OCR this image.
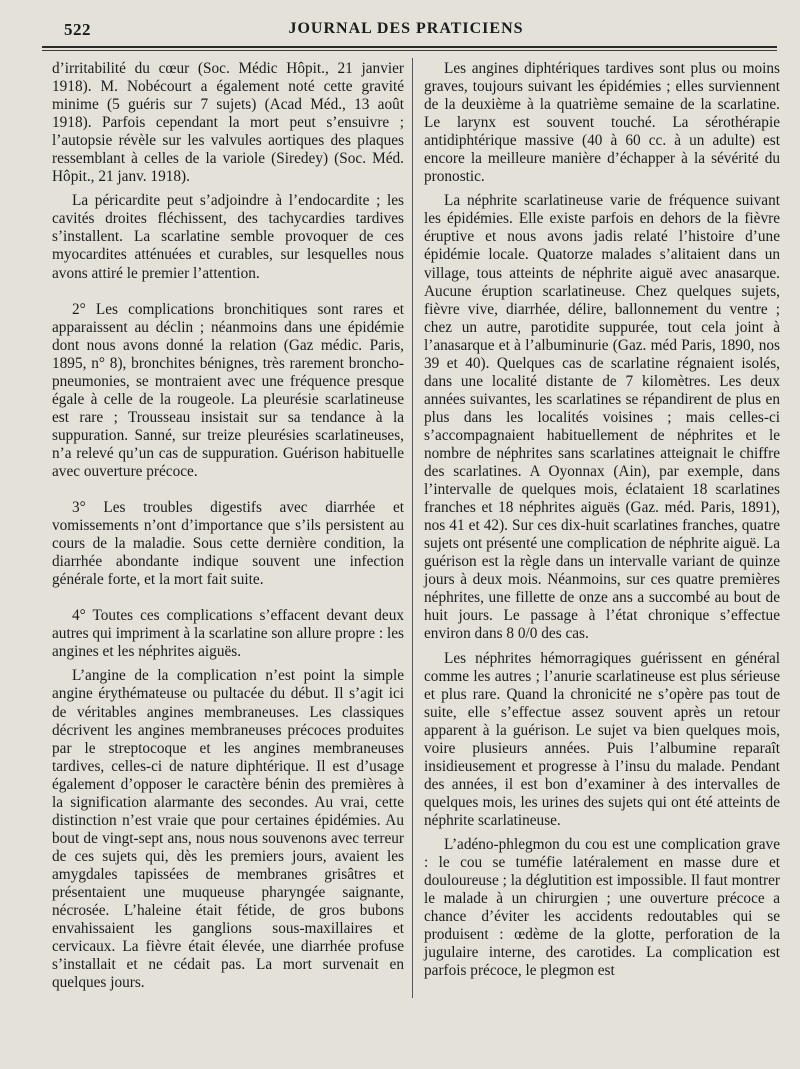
522	JOURNAL DES PRATICIENS

d’irritabilité du cœur (Soc. Médic Hôpit., 21 janvier 1918). M. Nobécourt a également noté cette gravité minime (5 guéris sur 7 sujets) (Acad Méd., 13 août 1918). Parfois cependant la mort peut s’ensuivre ; l’autopsie révèle sur les valvules aortiques des plaques ressemblant à celles de la variole (Siredey) (Soc. Méd. Hôpit., 21 janv. 1918).

La péricardite peut s’adjoindre à l’endocardite ; les cavités droites fléchissent, des tachycardies tardives s’installent. La scarlatine semble provoquer de ces myocardites atténuées et curables, sur lesquelles nous avons attiré le premier l’attention.

2° Les complications bronchitiques sont rares et apparaissent au déclin ; néanmoins dans une épidémie dont nous avons donné la relation (Gaz médic. Paris, 1895, n° 8), bronchites bénignes, très rarement broncho-pneumonies, se montraient avec une fréquence presque égale à celle de la rougeole. La pleurésie scarlatineuse est rare ; Trousseau insistait sur sa tendance à la suppuration. Sanné, sur treize pleurésies scarlatineuses, n’a relevé qu’un cas de suppuration. Guérison habituelle avec ouverture précoce.

3° Les troubles digestifs avec diarrhée et vomissements n’ont d’importance que s’ils persistent au cours de la maladie. Sous cette dernière condition, la diarrhée abondante indique souvent une infection générale forte, et la mort fait suite.

4° Toutes ces complications s’effacent devant deux autres qui impriment à la scarlatine son allure propre : les angines et les néphrites aiguës.

L’angine de la complication n’est point la simple angine érythémateuse ou pultacée du début. Il s’agit ici de véritables angines membraneuses. Les classiques décrivent les angines membraneuses précoces produites par le streptocoque et les angines membraneuses tardives, celles-ci de nature diphtérique. Il est d’usage également d’opposer le caractère bénin des premières à la signification alarmante des secondes. Au vrai, cette distinction n’est vraie que pour certaines épidémies. Au bout de vingt-sept ans, nous nous souvenons avec terreur de ces sujets qui, dès les premiers jours, avaient les amygdales tapissées de membranes grisâtres et présentaient une muqueuse pharyngée saignante, nécrosée. L’haleine était fétide, de gros bubons envahissaient les ganglions sous-maxillaires et cervicaux. La fièvre était élevée, une diarrhée profuse s’installait et ne cédait pas. La mort survenait en quelques jours.

Les angines diphtériques tardives sont plus ou moins graves, toujours suivant les épidémies ; elles surviennent de la deuxième à la quatrième semaine de la scarlatine. Le larynx est souvent touché. La sérothérapie antidiphtérique massive (40 à 60 cc. à un adulte) est encore la meilleure manière d’échapper à la sévérité du pronostic.

La néphrite scarlatineuse varie de fréquence suivant les épidémies. Elle existe parfois en dehors de la fièvre éruptive et nous avons jadis relaté l’histoire d’une épidémie locale. Quatorze malades s’alitaient dans un village, tous atteints de néphrite aiguë avec anasarque. Aucune éruption scarlatineuse. Chez quelques sujets, fièvre vive, diarrhée, délire, ballonnement du ventre ; chez un autre, parotidite suppurée, tout cela joint à l’anasarque et à l’albuminurie (Gaz. méd Paris, 1890, nos 39 et 40). Quelques cas de scarlatine régnaient isolés, dans une localité distante de 7 kilomètres. Les deux années suivantes, les scarlatines se répandirent de plus en plus dans les localités voisines ; mais celles-ci s’accompagnaient habituellement de néphrites et le nombre de néphrites sans scarlatines atteignait le chiffre des scarlatines. A Oyonnax (Ain), par exemple, dans l’intervalle de quelques mois, éclataient 18 scarlatines franches et 18 néphrites aiguës (Gaz. méd. Paris, 1891), nos 41 et 42). Sur ces dix-huit scarlatines franches, quatre sujets ont présenté une complication de néphrite aiguë. La guérison est la règle dans un intervalle variant de quinze jours à deux mois. Néanmoins, sur ces quatre premières néphrites, une fillette de onze ans a succombé au bout de huit jours. Le passage à l’état chronique s’effectue environ dans 8 0/0 des cas.

Les néphrites hémorragiques guérissent en général comme les autres ; l’anurie scarlatineuse est plus sérieuse et plus rare. Quand la chronicité ne s’opère pas tout de suite, elle s’effectue assez souvent après un retour apparent à la guérison. Le sujet va bien quelques mois, voire plusieurs années. Puis l’albumine reparaît insidieusement et progresse à l’insu du malade. Pendant des années, il est bon d’examiner à des intervalles de quelques mois, les urines des sujets qui ont été atteints de néphrite scarlatineuse.

L’adéno-phlegmon du cou est une complication grave : le cou se tuméfie latéralement en masse dure et douloureuse ; la déglutition est impossible. Il faut montrer le malade à un chirurgien ; une ouverture précoce a chance d’éviter les accidents redoutables qui se produisent : œdème de la glotte, perforation de la jugulaire interne, des carotides. La complication est parfois précoce, le plegmon est
